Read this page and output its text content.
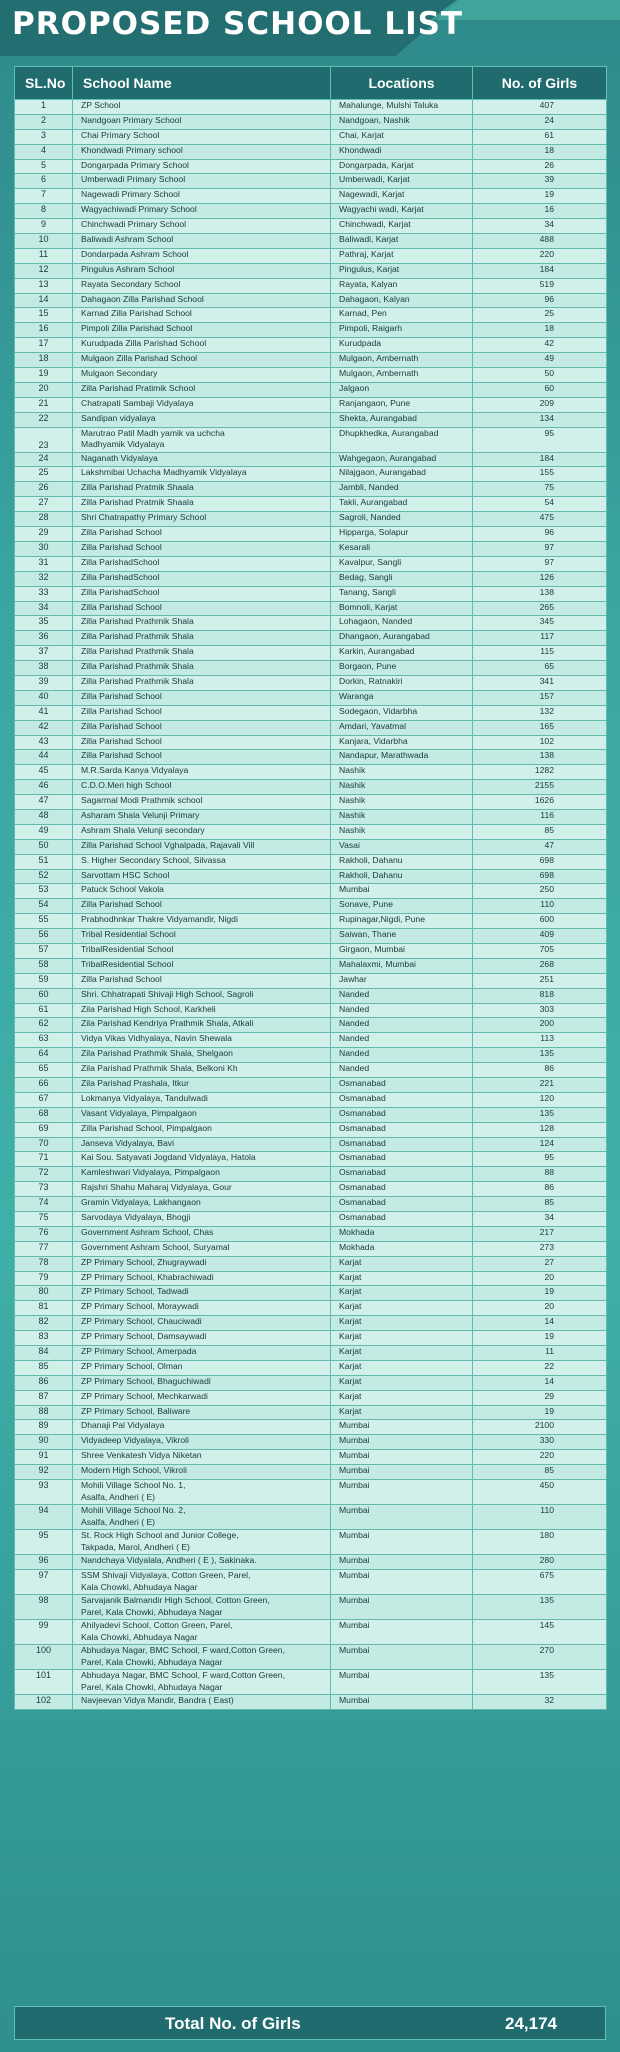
PROPOSED SCHOOL LIST
SL.No	School Name	Locations	No. of Girls
1	ZP School	Mahalunge, Mulshi Taluka	407
2	Nandgoan Primary School	Nandgoan, Nashik	24
3	Chai Primary School	Chai, Karjat	61
4	Khondwadi Primary school	Khondwadi	18
5	Dongarpada Primary School	Dongarpada, Karjat	26
6	Umberwadi Primary School	Umberwadi, Karjat	39
7	Nagewadi Primary School	Nagewadi, Karjat	19
8	Wagyachiwadi Primary School	Wagyachi wadi, Karjat	16
9	Chinchwadi Primary School	Chinchwadi, Karjat	34
10	Baliwadi Ashram School	Baliwadi, Karjat	488
11	Dondarpada Ashram School	Pathraj, Karjat	220
12	Pingulus Ashram School	Pingulus, Karjat	184
13	Rayata Secondary School	Rayata, Kalyan	519
14	Dahagaon Zilla Parishad School	Dahagaon, Kalyan	96
15	Karnad Zilla Parishad School	Karnad, Pen	25
16	Pimpoli Zilla Parishad School	Pimpoli, Raigarh	18
17	Kurudpada Zilla Parishad School	Kurudpada	42
18	Mulgaon Zilla Parishad School	Mulgaon, Ambernath	49
19	Mulgaon Secondary	Mulgaon, Ambernath	50
20	Zilla Parishad Pratimik School	Jalgaon	60
21	Chatrapati Sambaji Vidyalaya	Ranjangaon, Pune	209
22	Sandipan vidyalaya	Shekta, Aurangabad	134
23	Marutrao Patil Madh yamik va uchcha
Madhyamik Vidyalaya	Dhupkhedka, Aurangabad	95
24	Naganath Vidyalaya	Wahgegaon, Aurangabad	184
25	Lakshmibai Uchacha Madhyamik Vidyalaya	Nilajgaon, Aurangabad	155
26	Zilla Parishad Pratmik Shaala	Jambli, Nanded	75
27	Zilla Parishad Pratmik Shaala	Takli, Aurangabad	54
28	Shri Chatrapathy Primary School	Sagroli, Nanded	475
29	Zilla Parishad School	Hipparga, Solapur	96
30	Zilla Parishad School	Kesarali	97
31	Zilla ParishadSchool	Kavalpur, Sangli	97
32	Zilla ParishadSchool	Bedag, Sangli	126
33	Zilla ParishadSchool	Tanang, Sangli	138
34	Zilla Parishad School	Bomnoli, Karjat	265
35	Zilla Parishad Prathmik Shala	Lohagaon, Nanded	345
36	Zilla Parishad Prathmik Shala	Dhangaon, Aurangabad	117
37	Zilla Parishad Prathmik Shala	Karkin, Aurangabad	115
38	Zilla Parishad Prathmik Shala	Borgaon, Pune	65
39	Zilla Parishad Prathmik Shala	Dorkin, Ratnakiri	341
40	Zilla Parishad School	Waranga	157
41	Zilla Parishad School	Sodegaon, Vidarbha	132
42	Zilla Parishad School	Amdari, Yavatmal	165
43	Zilla Parishad School	Kanjara, Vidarbha	102
44	Zilla Parishad School	Nandapur, Marathwada	138
45	M.R.Sarda Kanya Vidyalaya	Nashik	1282
46	C.D.O.Meri high School	Nashik	2155
47	Sagarmal Modi Prathmik school	Nashik	1626
48	Asharam Shala Velunji Primary	Nashik	116
49	Ashram Shala Velunji secondary	Nashik	85
50	Zilla Parishad School Vghalpada, Rajavali Vill	Vasai	47
51	S. Higher Secondary School, Silvassa	Rakholi, Dahanu	698
52	Sarvottam HSC School	Rakholi, Dahanu	698
53	Patuck School Vakola	Mumbai	250
54	Zilla Parishad School	Sonave, Pune	110
55	Prabhodhnkar Thakre Vidyamandir, Nigdi	Rupinagar,Nigdi, Pune	600
56	Tribal Residential School	Saiwan, Thane	409
57	TribalResidential School	Girgaon, Mumbai	705
58	TribalResidential School	Mahalaxmi, Mumbai	268
59	Zilla Parishad School	Jawhar	251
60	Shri. Chhatrapati Shivaji High School, Sagroli	Nanded	818
61	Zila Parishad High School, Karkheli	Nanded	303
62	Zila Parishad Kendriya Prathmik Shala, Atkali	Nanded	200
63	Vidya Vikas Vidhyalaya, Navin Shewala	Nanded	113
64	Zila Parishad Prathmik Shala, Shelgaon	Nanded	135
65	Zila Parishad Prathmik Shala, Belkoni Kh	Nanded	86
66	Zila Parishad Prashala, Itkur	Osmanabad	221
67	Lokmanya Vidyalaya, Tandulwadi	Osmanabad	120
68	Vasant Vidyalaya, Pimpalgaon	Osmanabad	135
69	Zilla Parishad School, Pimpalgaon	Osmanabad	128
70	Janseva Vidyalaya, Bavi	Osmanabad	124
71	Kai Sou. Satyavati Jogdand Vidyalaya, Hatola	Osmanabad	95
72	Kamleshwari Vidyalaya, Pimpalgaon	Osmanabad	88
73	Rajshri Shahu Maharaj Vidyalaya, Gour	Osmanabad	86
74	Gramin Vidyalaya, Lakhangaon	Osmanabad	85
75	Sarvodaya Vidyalaya, Bhogji	Osmanabad	34
76	Government Ashram School, Chas	Mokhada	217
77	Government Ashram School, Suryamal	Mokhada	273
78	ZP Primary School, Zhugraywadi	Karjat	27
79	ZP Primary School, Khabrachiwadi	Karjat	20
80	ZP Primary School, Tadwadi	Karjat	19
81	ZP Primary School, Moraywadi	Karjat	20
82	ZP Primary School, Chauciwadi	Karjat	14
83	ZP Primary School, Damsaywadi	Karjat	19
84	ZP Primary School, Amerpada	Karjat	11
85	ZP Primary School, Olman	Karjat	22
86	ZP Primary School, Bhaguchiwadi	Karjat	14
87	ZP Primary School, Mechkarwadi	Karjat	29
88	ZP Primary School, Baliware	Karjat	19
89	Dhanaji Pal Vidyalaya	Mumbai	2100
90	Vidyadeep Vidyalaya, Vikroli	Mumbai	330
91	Shree Venkatesh Vidya Niketan	Mumbai	220
92	Modern High School, Vikroli	Mumbai	85
93	Mohili Village School No. 1,
Asalfa, Andheri ( E)	Mumbai	450
94	Mohili Village School No. 2,
Asalfa, Andheri ( E)	Mumbai	110
95	St. Rock High School and Junior College,
Takpada, Marol, Andheri ( E)	Mumbai	180
96	Nandchaya Vidyalala, Andheri ( E ), Sakinaka.	Mumbai	280
97	SSM Shivaji Vidyalaya, Cotton Green, Parel,
Kala Chowki, Abhudaya Nagar	Mumbai	675
98	Sarvajanik Balmandir High School, Cotton Green,
Parel, Kala Chowki, Abhudaya Nagar	Mumbai	135
99	Ahilyadevi School, Cotton Green, Parel,
Kala Chowki, Abhudaya Nagar	Mumbai	145
100	Abhudaya Nagar, BMC School, F ward,Cotton Green,
Parel, Kala Chowki, Abhudaya Nagar	Mumbai	270
101	Abhudaya Nagar, BMC School, F ward,Cotton Green,
Parel, Kala Chowki, Abhudaya Nagar	Mumbai	135
102	Navjeevan Vidya Mandir, Bandra ( East)	Mumbai	32
Total No. of Girls	24,174
